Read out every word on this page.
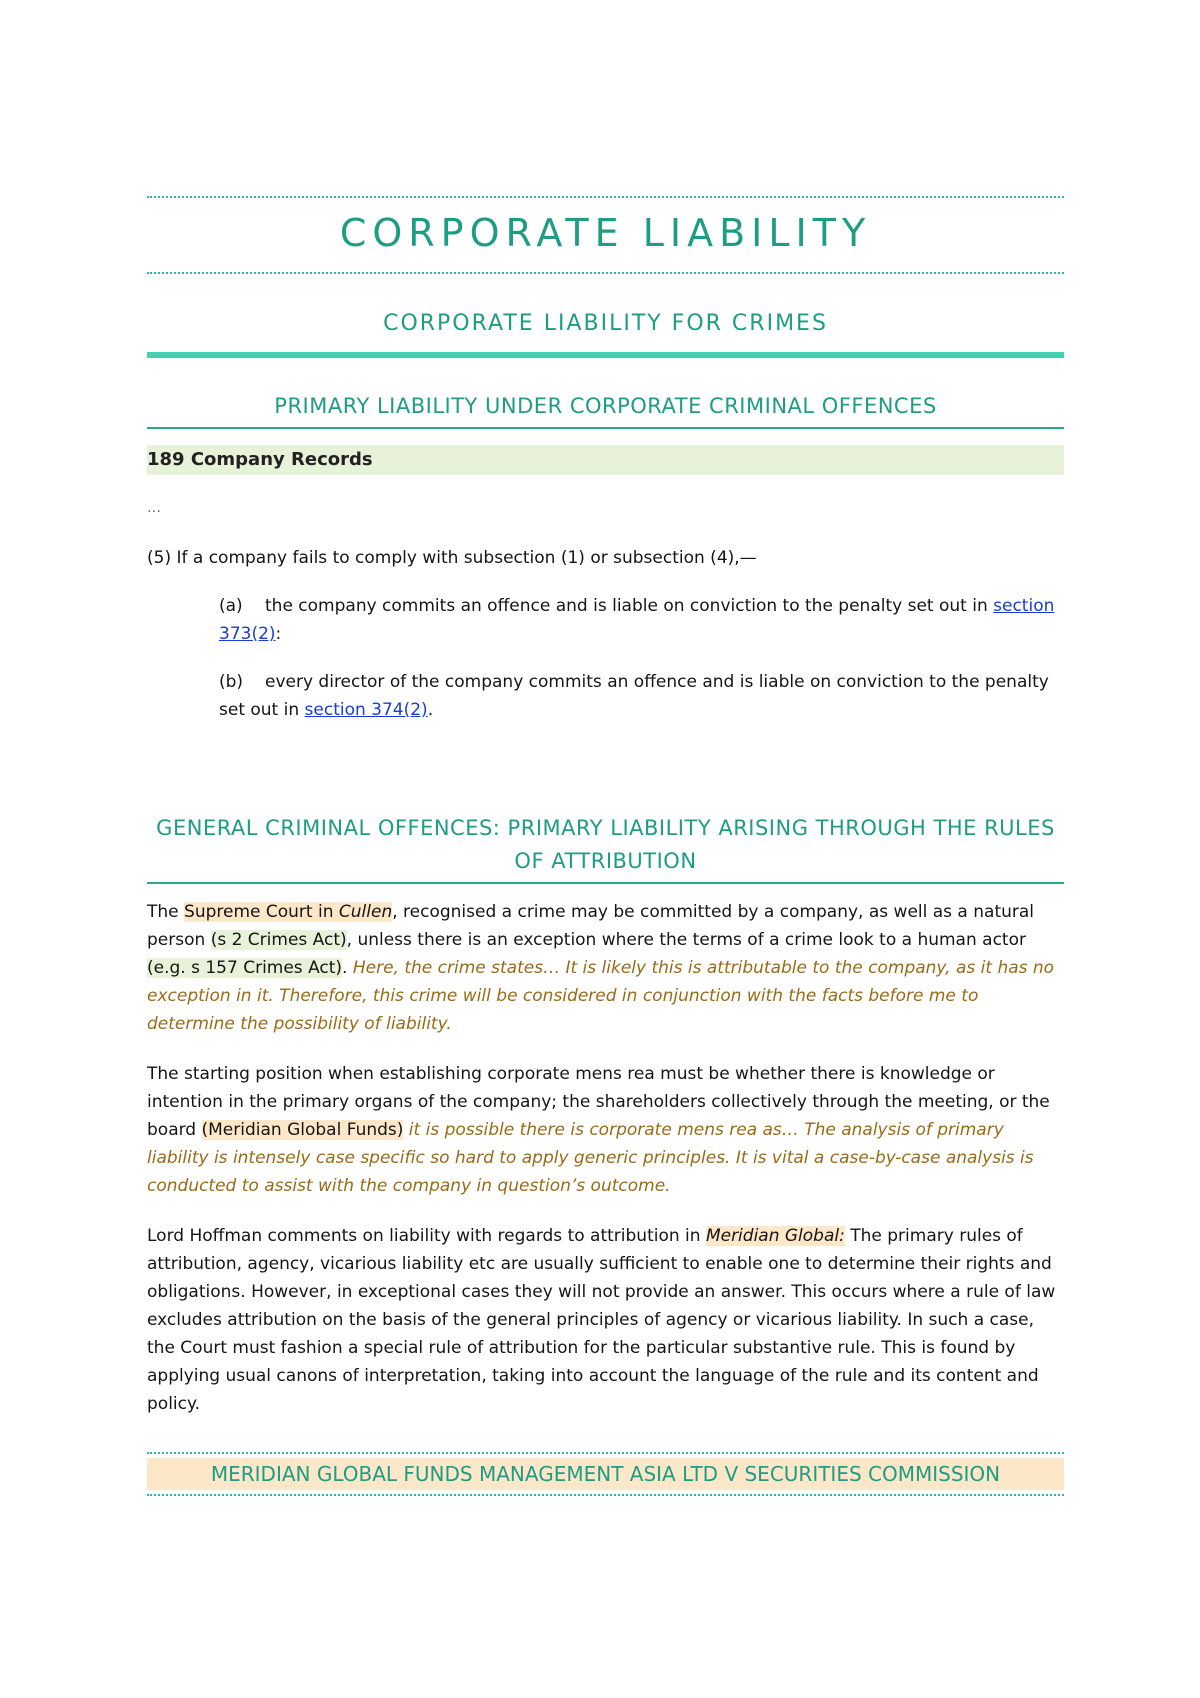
CORPORATE LIABILITY
CORPORATE LIABILITY FOR CRIMES
PRIMARY LIABILITY UNDER CORPORATE CRIMINAL OFFENCES
189 Company Records
…
(5) If a company fails to comply with subsection (1) or subsection (4),—
(a) the company commits an offence and is liable on conviction to the penalty set out in section 373(2):
(b) every director of the company commits an offence and is liable on conviction to the penalty set out in section 374(2).
GENERAL CRIMINAL OFFENCES: PRIMARY LIABILITY ARISING THROUGH THE RULES OF ATTRIBUTION
The Supreme Court in Cullen, recognised a crime may be committed by a company, as well as a natural person (s 2 Crimes Act), unless there is an exception where the terms of a crime look to a human actor (e.g. s 157 Crimes Act). Here, the crime states… It is likely this is attributable to the company, as it has no exception in it. Therefore, this crime will be considered in conjunction with the facts before me to determine the possibility of liability.
The starting position when establishing corporate mens rea must be whether there is knowledge or intention in the primary organs of the company; the shareholders collectively through the meeting, or the board (Meridian Global Funds) it is possible there is corporate mens rea as… The analysis of primary liability is intensely case specific so hard to apply generic principles. It is vital a case-by-case analysis is conducted to assist with the company in question’s outcome.
Lord Hoffman comments on liability with regards to attribution in Meridian Global: The primary rules of attribution, agency, vicarious liability etc are usually sufficient to enable one to determine their rights and obligations. However, in exceptional cases they will not provide an answer. This occurs where a rule of law excludes attribution on the basis of the general principles of agency or vicarious liability. In such a case, the Court must fashion a special rule of attribution for the particular substantive rule. This is found by applying usual canons of interpretation, taking into account the language of the rule and its content and policy.
MERIDIAN GLOBAL FUNDS MANAGEMENT ASIA LTD V SECURITIES COMMISSION
